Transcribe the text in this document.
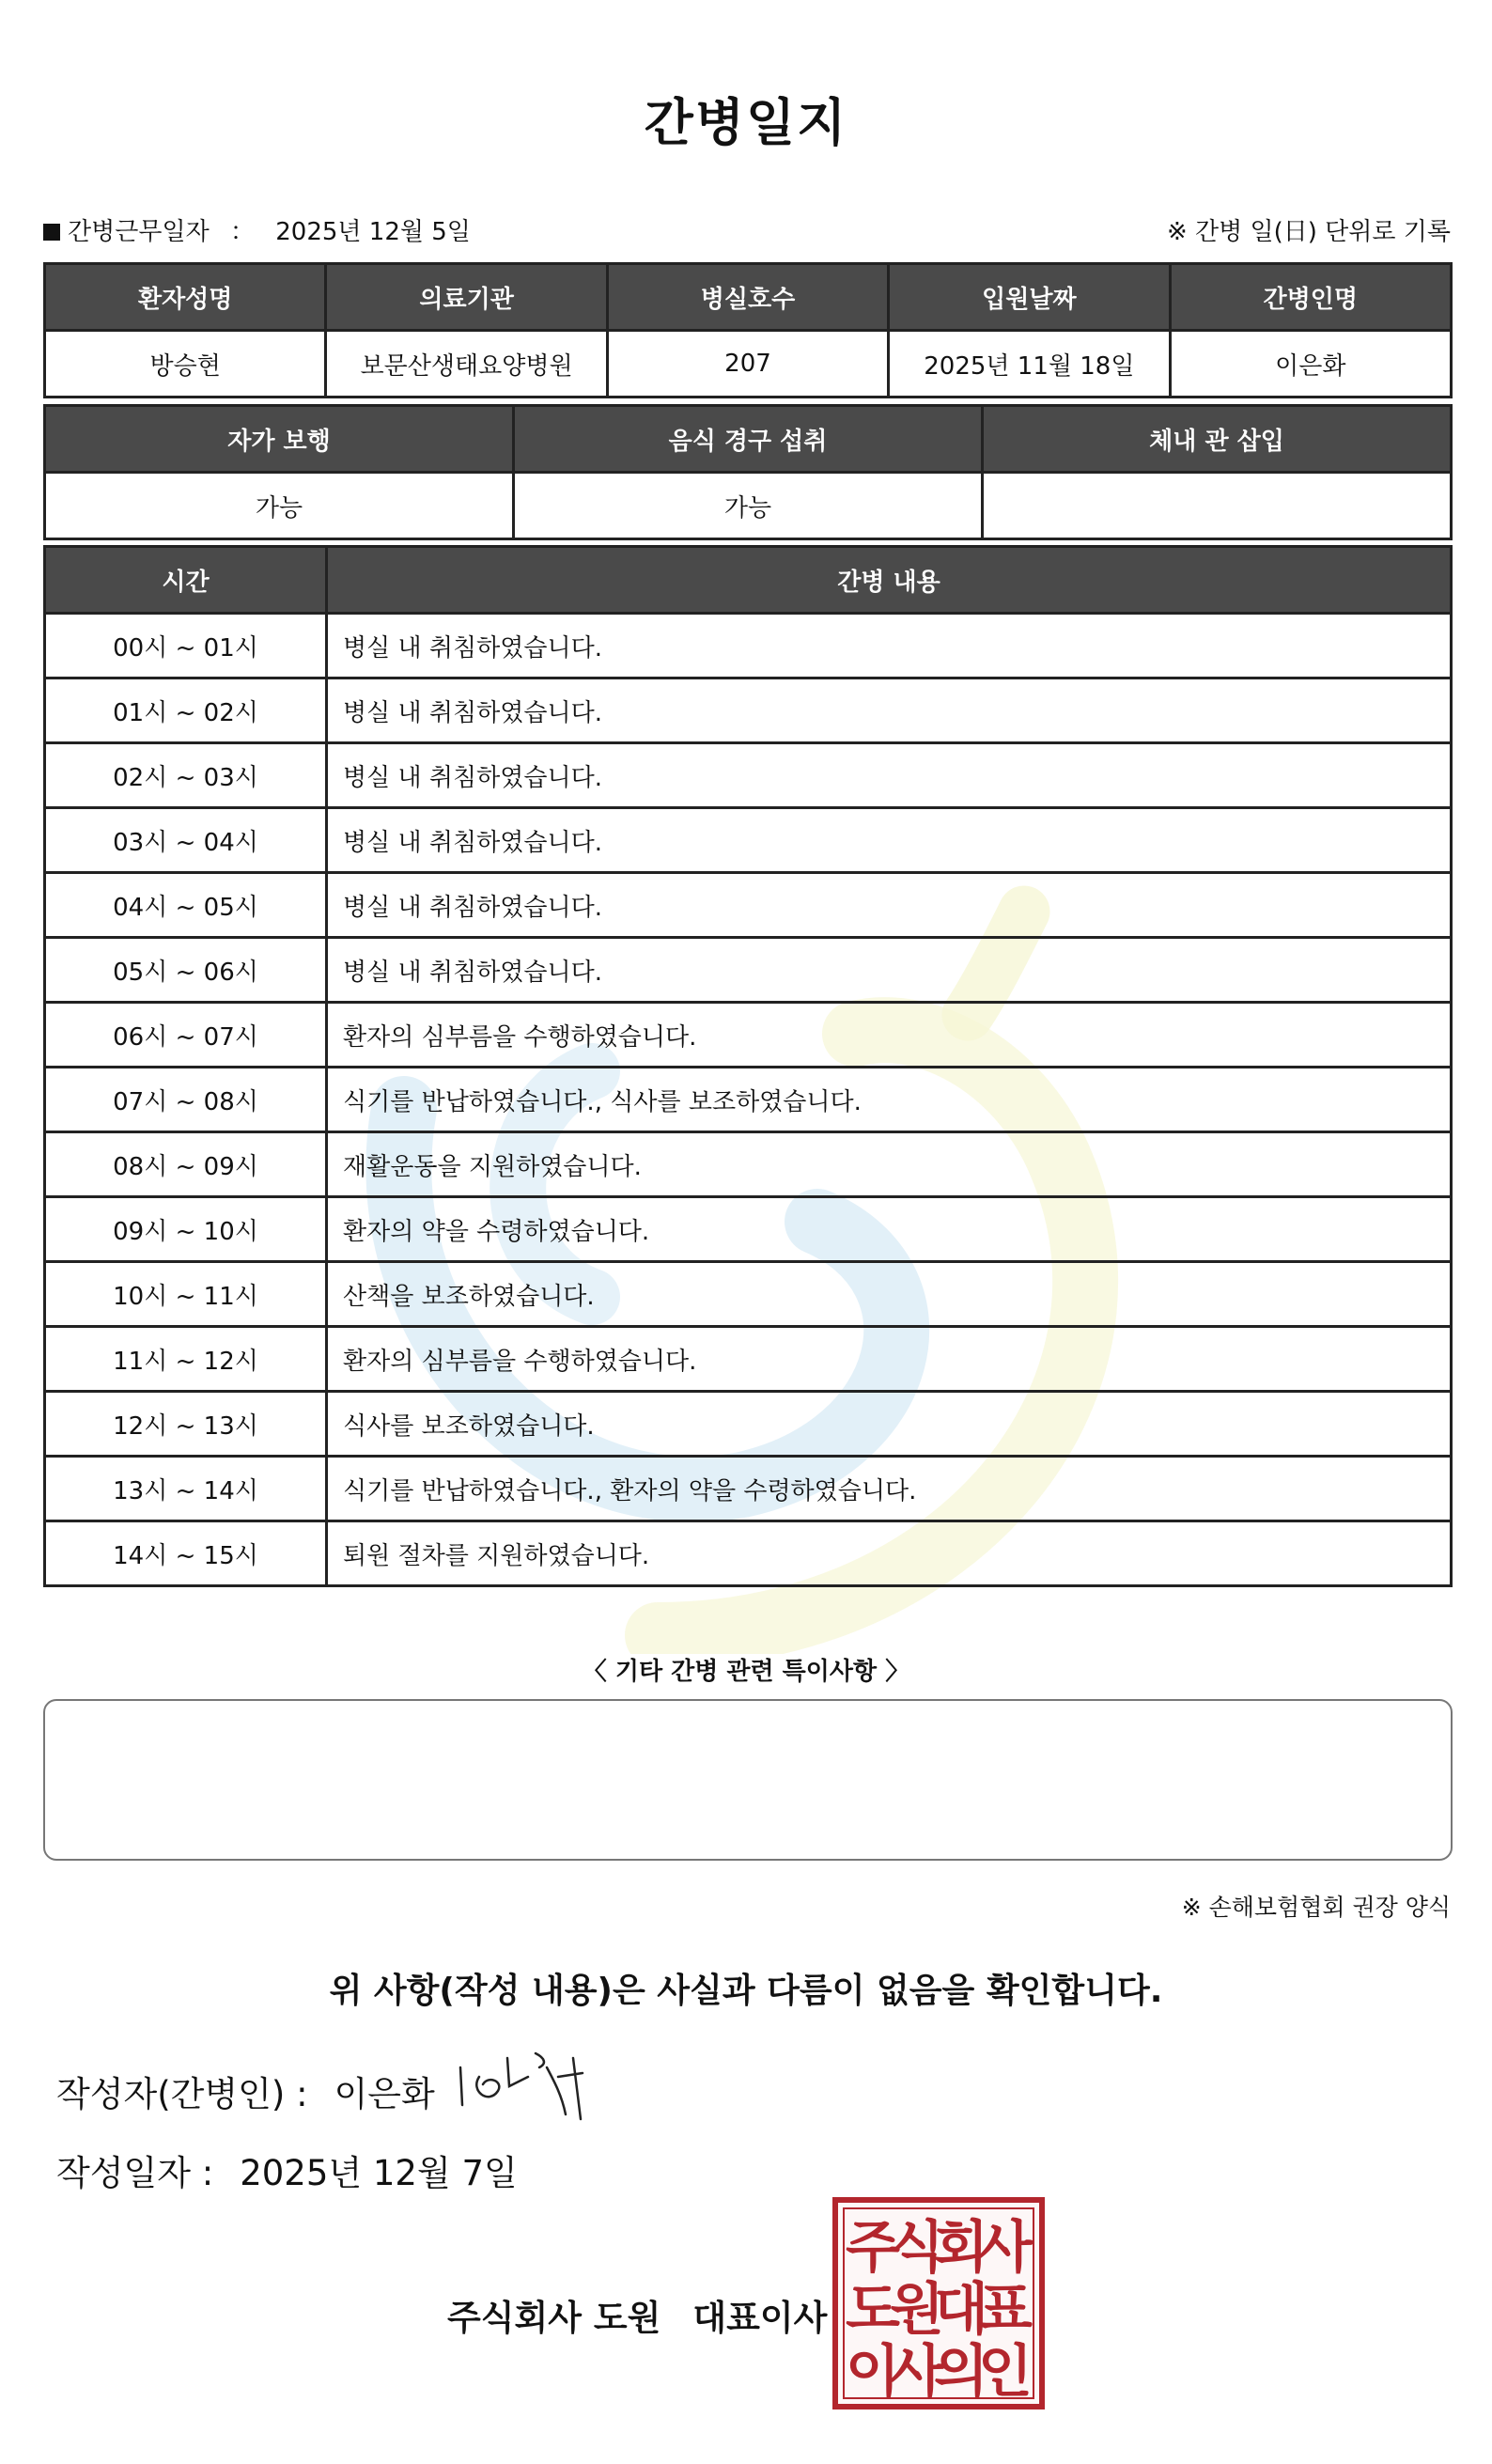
간병일지
간병근무일자 ： 2025년 12월 5일	※ 간병 일(日) 단위로 기록
환자성명	의료기관	병실호수	입원날짜	간병인명
방승현	보문산생태요양병원	207	2025년 11월 18일	이은화
자가 보행	음식 경구 섭취	체내 관 삽입
가능	가능	
시간	간병 내용
00시 ~ 01시	병실 내 취침하였습니다.
01시 ~ 02시	병실 내 취침하였습니다.
02시 ~ 03시	병실 내 취침하였습니다.
03시 ~ 04시	병실 내 취침하였습니다.
04시 ~ 05시	병실 내 취침하였습니다.
05시 ~ 06시	병실 내 취침하였습니다.
06시 ~ 07시	환자의 심부름을 수행하였습니다.
07시 ~ 08시	식기를 반납하였습니다., 식사를 보조하였습니다.
08시 ~ 09시	재활운동을 지원하였습니다.
09시 ~ 10시	환자의 약을 수령하였습니다.
10시 ~ 11시	산책을 보조하였습니다.
11시 ~ 12시	환자의 심부름을 수행하였습니다.
12시 ~ 13시	식사를 보조하였습니다.
13시 ~ 14시	식기를 반납하였습니다., 환자의 약을 수령하였습니다.
14시 ~ 15시	퇴원 절차를 지원하였습니다.
〈 기타 간병 관련 특이사항 〉
※ 손해보험협회 권장 양식
위 사항(작성 내용)은 사실과 다름이 없음을 확인합니다.
작성자(간병인) : 이은화
작성일자 : 2025년 12월 7일
주식회사 도원 대표이사
주
식
회
사
도
원
대
표
이
사
의
인
